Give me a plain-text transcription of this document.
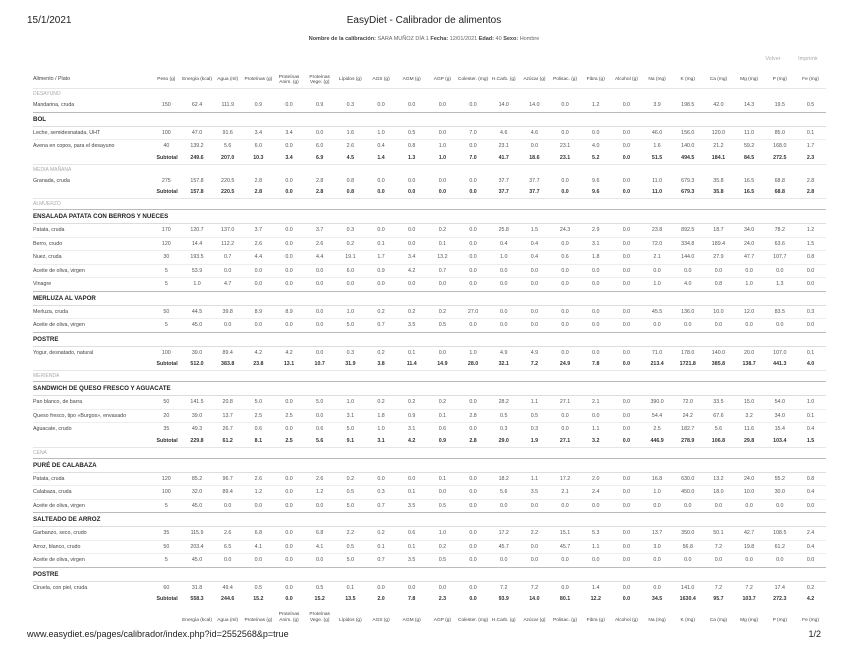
15/1/2021	EasyDiet - Calibrador de alimentos
Nombre de la calibración: SARA MUÑOZ DÍA 1 Fecha: 12/01/2021 Edad: 40 Sexo: Hombre
Volver	Imprimir
Alimento / Plato	Peso (g)	Energía (kcal)	Agua (ml)	Proteínas (g)	Proteínas Anim. (g)	Proteínas Vege. (g)	Lípidos (g)	AGS (g)	AGM (g)	AGP (g)	Colester. (mg)	H.Carb. (g)	Azúcar (g)	Polisac. (g)	Fibra (g)	Alcohol (g)	Na (mg)	K (mg)	Ca (mg)	Mg (mg)	P (mg)	Fe (mg)
DESAYUNO																						
Mandarina, cruda	150	62.4	111.9	0.9	0.0	0.9	0.3	0.0	0.0	0.0	0.0	14.0	14.0	0.0	1.2	0.0	3.9	198.5	42.0	14.3	19.5	0.5
BOL																						
Leche, semidesnatada, UHT	100	47.0	91.6	3.4	3.4	0.0	1.6	1.0	0.5	0.0	7.0	4.6	4.6	0.0	0.0	0.0	46.0	156.0	120.0	11.0	85.0	0.1
Avena en copos, para el desayuno	40	139.2	5.6	6.0	0.0	6.0	2.6	0.4	0.8	1.0	0.0	23.1	0.0	23.1	4.0	0.0	1.6	140.0	21.2	59.2	168.0	1.7
Subtotal		249.6	207.0	10.3	3.4	6.9	4.5	1.4	1.3	1.0	7.0	41.7	18.6	23.1	5.2	0.0	51.5	494.5	184.1	84.5	272.5	2.3
MEDIA MAÑANA																						
Granada, cruda	275	157.8	220.5	2.8	0.0	2.8	0.8	0.0	0.0	0.0	0.0	37.7	37.7	0.0	9.6	0.0	11.0	679.3	35.8	16.5	68.8	2.8
Subtotal		157.8	220.5	2.8	0.0	2.8	0.8	0.0	0.0	0.0	0.0	37.7	37.7	0.0	9.6	0.0	11.0	679.3	35.8	16.5	68.8	2.8
ALMUERZO																						
ENSALADA PATATA CON BERROS Y NUECES																						
Patata, cruda	170	120.7	137.0	3.7	0.0	3.7	0.3	0.0	0.0	0.2	0.0	25.8	1.5	24.3	2.9	0.0	23.8	892.5	18.7	34.0	78.2	1.2
Berro, crudo	120	14.4	112.2	2.6	0.0	2.6	0.2	0.1	0.0	0.1	0.0	0.4	0.4	0.0	3.1	0.0	72.0	334.8	189.4	24.0	63.6	1.5
Nuez, cruda	30	193.5	0.7	4.4	0.0	4.4	19.1	1.7	3.4	13.2	0.0	1.0	0.4	0.6	1.8	0.0	2.1	144.0	27.9	47.7	107.7	0.8
Aceite de oliva, virgen	5	53.9	0.0	0.0	0.0	0.0	6.0	0.9	4.2	0.7	0.0	0.0	0.0	0.0	0.0	0.0	0.0	0.0	0.0	0.0	0.0	0.0
Vinagre	5	1.0	4.7	0.0	0.0	0.0	0.0	0.0	0.0	0.0	0.0	0.0	0.0	0.0	0.0	0.0	1.0	4.0	0.8	1.0	1.3	0.0
MERLUZA AL VAPOR																						
Merluza, cruda	50	44.5	39.8	8.9	8.9	0.0	1.0	0.2	0.2	0.2	27.0	0.0	0.0	0.0	0.0	0.0	45.5	136.0	10.0	12.0	83.5	0.3
Aceite de oliva, virgen	5	45.0	0.0	0.0	0.0	0.0	5.0	0.7	3.5	0.5	0.0	0.0	0.0	0.0	0.0	0.0	0.0	0.0	0.0	0.0	0.0	0.0
POSTRE																						
Yogur, desnatado, natural	100	39.0	89.4	4.2	4.2	0.0	0.3	0.2	0.1	0.0	1.0	4.9	4.9	0.0	0.0	0.0	71.0	178.0	140.0	20.0	107.0	0.1
Subtotal		512.0	383.8	23.8	13.1	10.7	31.9	3.8	11.4	14.9	28.0	32.1	7.2	24.9	7.8	0.0	213.4	1721.8	385.8	138.7	441.3	4.0
MERIENDA																						
SANDWICH DE QUESO FRESCO Y AGUACATE																						
Pan blanco, de barra	50	141.5	20.8	5.0	0.0	5.0	1.0	0.2	0.2	0.2	0.0	28.2	1.1	27.1	2.1	0.0	390.0	72.0	33.5	15.0	54.0	1.0
Queso fresco, tipo «Burgos», envasado	20	39.0	13.7	2.5	2.5	0.0	3.1	1.8	0.9	0.1	2.8	0.5	0.5	0.0	0.0	0.0	54.4	24.2	67.6	3.2	34.0	0.1
Aguacate, crudo	35	49.3	26.7	0.6	0.0	0.6	5.0	1.0	3.1	0.6	0.0	0.3	0.3	0.0	1.1	0.0	2.5	182.7	5.6	11.6	15.4	0.4
Subtotal		229.8	61.2	8.1	2.5	5.6	9.1	3.1	4.2	0.9	2.8	29.0	1.9	27.1	3.2	0.0	446.9	278.9	106.8	29.8	103.4	1.5
CENA																						
PURÉ DE CALABAZA																						
Patata, cruda	120	85.2	96.7	2.6	0.0	2.6	0.2	0.0	0.0	0.1	0.0	18.2	1.1	17.2	2.0	0.0	16.8	630.0	13.2	24.0	55.2	0.8
Calabaza, cruda	100	32.0	89.4	1.2	0.0	1.2	0.5	0.3	0.1	0.0	0.0	5.6	3.5	2.1	2.4	0.0	1.0	450.0	18.0	10.0	30.0	0.4
Aceite de oliva, virgen	5	45.0	0.0	0.0	0.0	0.0	5.0	0.7	3.5	0.5	0.0	0.0	0.0	0.0	0.0	0.0	0.0	0.0	0.0	0.0	0.0	0.0
SALTEADO DE ARROZ																						
Garbanzo, seco, crudo	35	115.9	2.6	6.8	0.0	6.8	2.2	0.2	0.6	1.0	0.0	17.2	2.2	15.1	5.3	0.0	13.7	350.0	50.1	42.7	108.5	2.4
Arroz, blanco, crudo	50	203.4	6.5	4.1	0.0	4.1	0.5	0.1	0.1	0.2	0.0	45.7	0.0	45.7	1.1	0.0	3.0	56.8	7.2	19.8	61.2	0.4
Aceite de oliva, virgen	5	45.0	0.0	0.0	0.0	0.0	5.0	0.7	3.5	0.5	0.0	0.0	0.0	0.0	0.0	0.0	0.0	0.0	0.0	0.0	0.0	0.0
POSTRE																						
Ciruela, con piel, cruda	60	31.8	49.4	0.5	0.0	0.5	0.1	0.0	0.0	0.0	0.0	7.2	7.2	0.0	1.4	0.0	0.0	141.0	7.2	7.2	17.4	0.2
Subtotal		558.3	244.6	15.2	0.0	15.2	13.5	2.0	7.8	2.3	0.0	93.9	14.0	80.1	12.2	0.0	34.5	1630.4	95.7	103.7	272.3	4.2
		Energía (kcal)	Agua (ml)	Proteínas (g)	Proteínas Anim. (g)	Proteínas Vege. (g)	Lípidos (g)	AGS (g)	AGM (g)	AGP (g)	Colester. (mg)	H.Carb. (g)	Azúcar (g)	Polisac. (g)	Fibra (g)	Alcohol (g)	Na (mg)	K (mg)	Ca (mg)	Mg (mg)	P (mg)	Fe (mg)
www.easydiet.es/pages/calibrador/index.php?id=2552568&p=true	1/2
